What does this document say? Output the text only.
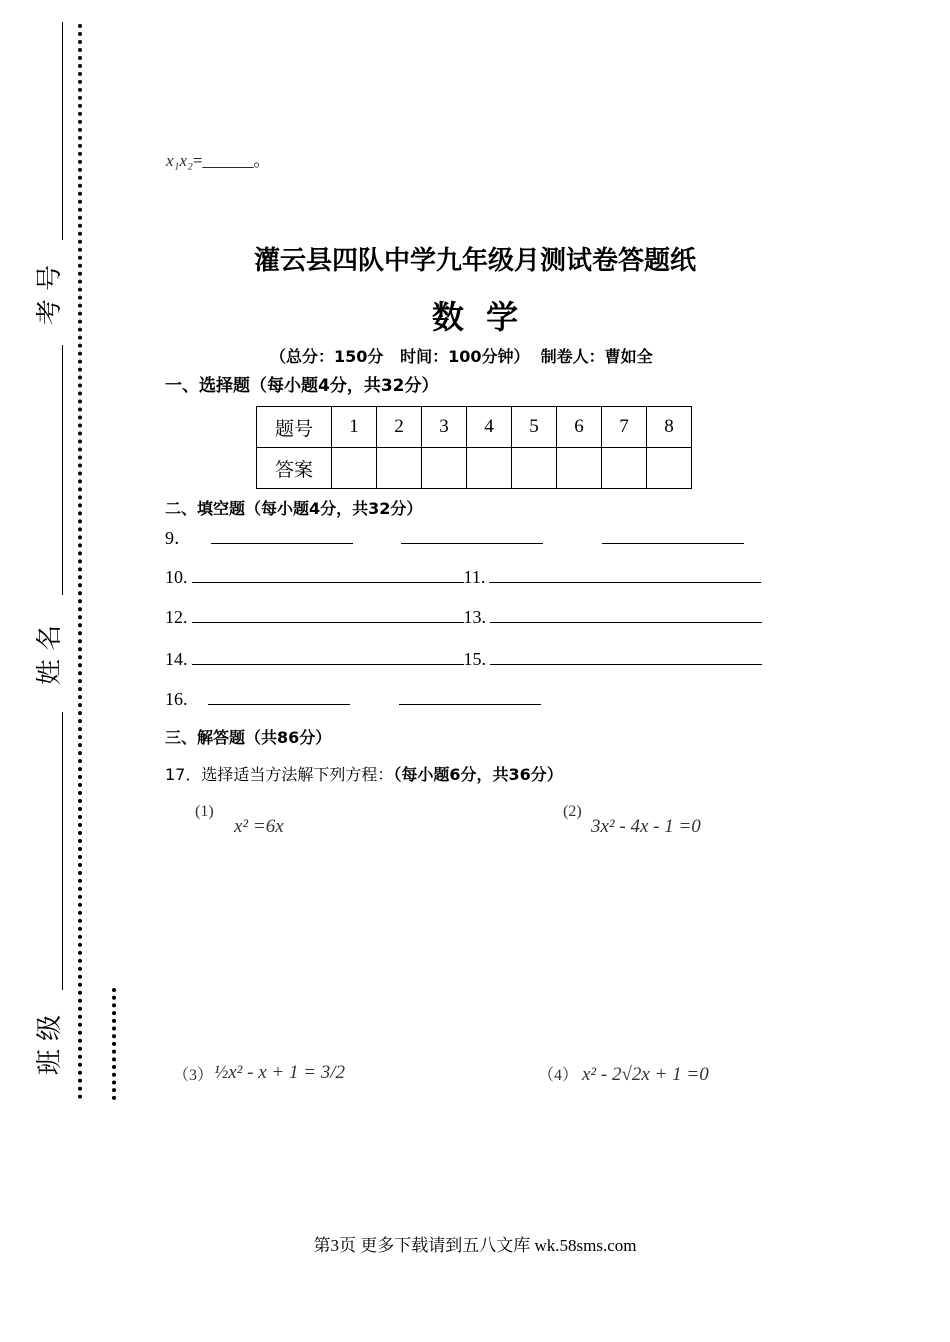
考 号
姓 名
班 级
x₁x₂=______。
灌云县四队中学九年级月测试卷答题纸
数  学
（总分：150分   时间：100分钟）  制卷人：曹如全
一、选择题（每小题4分，共32分）
题号	1	2	3	4	5	6	7	8
答案								
二、填空题（每小题4分，共32分）
9．
10.	11.
12.	13.
14.	15.
16.
三、解答题（共86分）
17．选择适当方法解下列方程：（每小题6分，共36分）
(1)
x² =6x
(2)
3x² - 4x - 1 =0
（3） ½x² - x + 1 = 3/2	（4） x² - 2√2x + 1 =0
第3页 更多下载请到五八文库 wk.58sms.com
